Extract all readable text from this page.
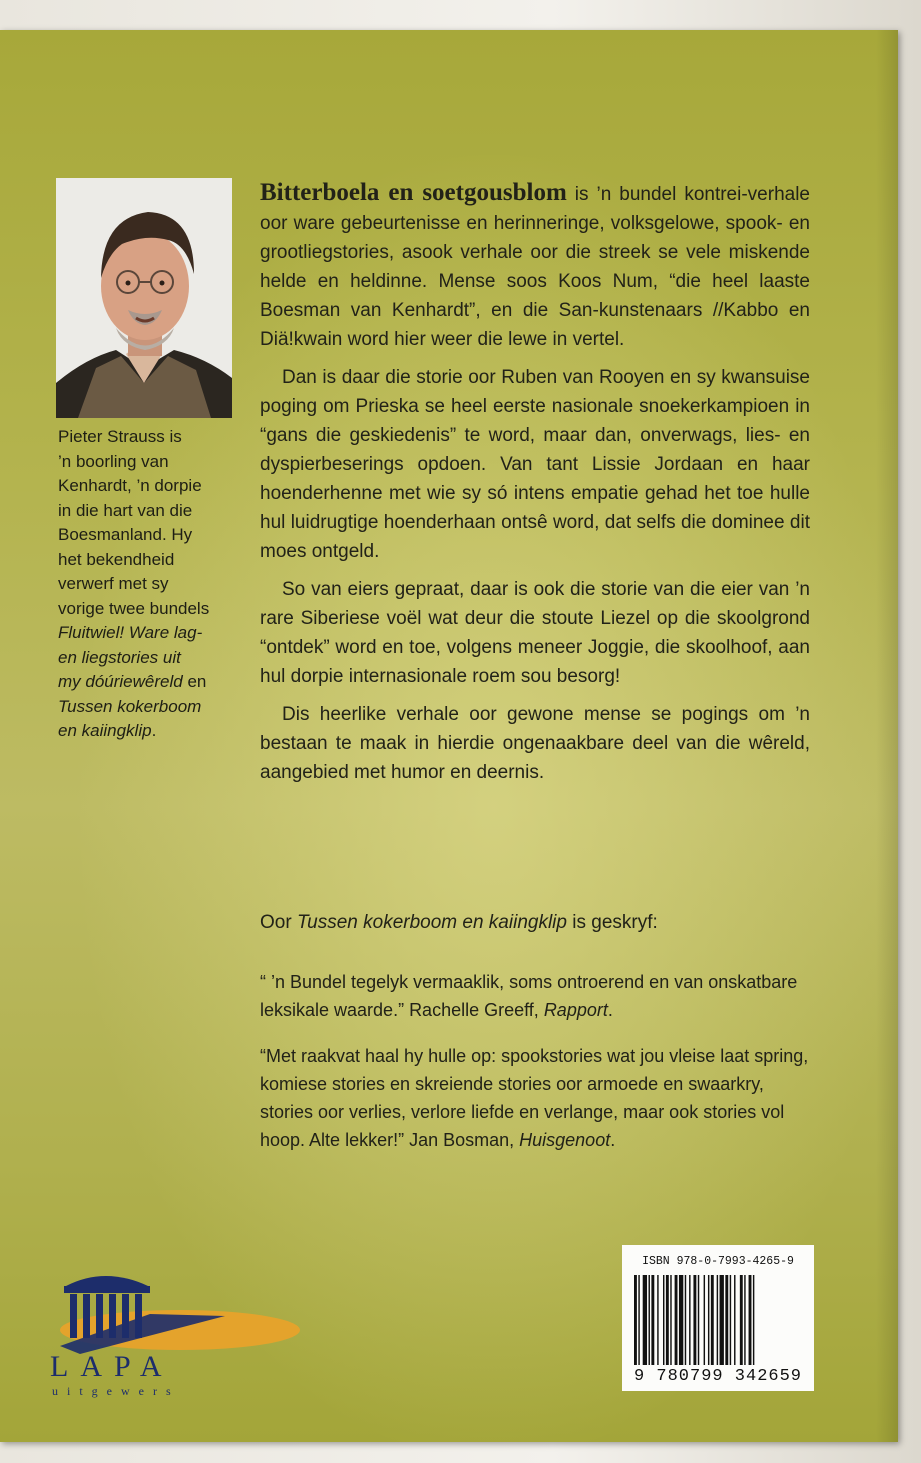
Pieter Strauss is

’n boorling van

Kenhardt, ’n dorpie

in die hart van die

Boesmanland. Hy

het bekendheid

verwerf met sy

vorige twee bundels

Fluitwiel! Ware lag-

en liegstories uit

my dóúriewêreld en

Tussen kokerboom

en kaiingklip.

Bitterboela en soetgousblom is ’n bundel kontrei-verhale oor ware gebeurtenisse en herinneringe, volksgelowe, spook- en grootliegstories, asook verhale oor die streek se vele miskende helde en heldinne. Mense soos Koos Num, “die heel laaste Boesman van Kenhardt”, en die San-kunstenaars //Kabbo en Diä!kwain word hier weer die lewe in vertel.

Dan is daar die storie oor Ruben van Rooyen en sy kwansuise poging om Prieska se heel eerste nasionale snoekerkampioen in “gans die geskiedenis” te word, maar dan, onverwags, lies- en dyspierbeserings opdoen. Van tant Lissie Jordaan en haar hoenderhenne met wie sy só intens empatie gehad het toe hulle hul luidrugtige hoenderhaan ontsê word, dat selfs die dominee dit moes ontgeld.

So van eiers gepraat, daar is ook die storie van die eier van ’n rare Siberiese voël wat deur die stoute Liezel op die skoolgrond “ontdek” word en toe, volgens meneer Joggie, die skoolhoof, aan hul dorpie internasionale roem sou besorg!

Dis heerlike verhale oor gewone mense se pogings om ’n bestaan te maak in hierdie ongenaakbare deel van die wêreld, aangebied met humor en deernis.

Oor Tussen kokerboom en kaiingklip is geskryf:
“ ’n Bundel tegelyk vermaaklik, soms ontroerend en van onskatbare leksikale waarde.” Rachelle Greeff, Rapport.
“Met raakvat haal hy hulle op: spookstories wat jou vleise laat spring, komiese stories en skreiende stories oor armoede en swaarkry, stories oor verlies, verlore liefde en verlange, maar ook stories vol hoop. Alte lekker!” Jan Bosman, Huisgenoot.
ISBN 978-0-7993-4265-9
9 780799 342659
LAPA
uitgewers
